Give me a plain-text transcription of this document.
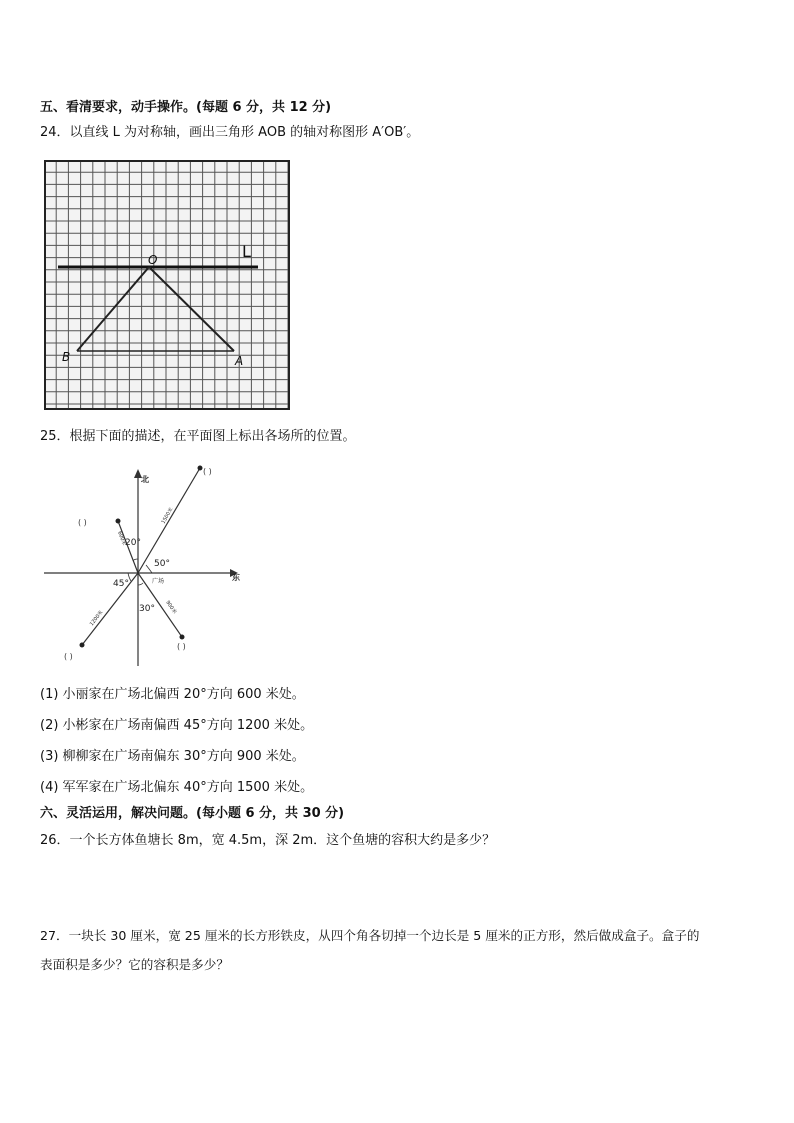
五、看清要求，动手操作。(每题 6 分，共 12 分)
24．以直线 L 为对称轴，画出三角形 AOB 的轴对称图形 A′OB′。
L
O
B	A
25．根据下面的描述，在平面图上标出各场所的位置。
北
东
广场
20°
50°
45°
30°
600米
1500米
1200米
900米
( )
( )
( )
( )
(1) 小丽家在广场北偏西 20°方向 600 米处。
(2) 小彬家在广场南偏西 45°方向 1200 米处。
(3) 柳柳家在广场南偏东 30°方向 900 米处。
(4) 军军家在广场北偏东 40°方向 1500 米处。
六、灵活运用，解决问题。(每小题 6 分，共 30 分)
26．一个长方体鱼塘长 8m，宽 4.5m，深 2m．这个鱼塘的容积大约是多少？
27．一块长 30 厘米，宽 25 厘米的长方形铁皮，从四个角各切掉一个边长是 5 厘米的正方形，然后做成盒子。盒子的
表面积是多少？它的容积是多少？
